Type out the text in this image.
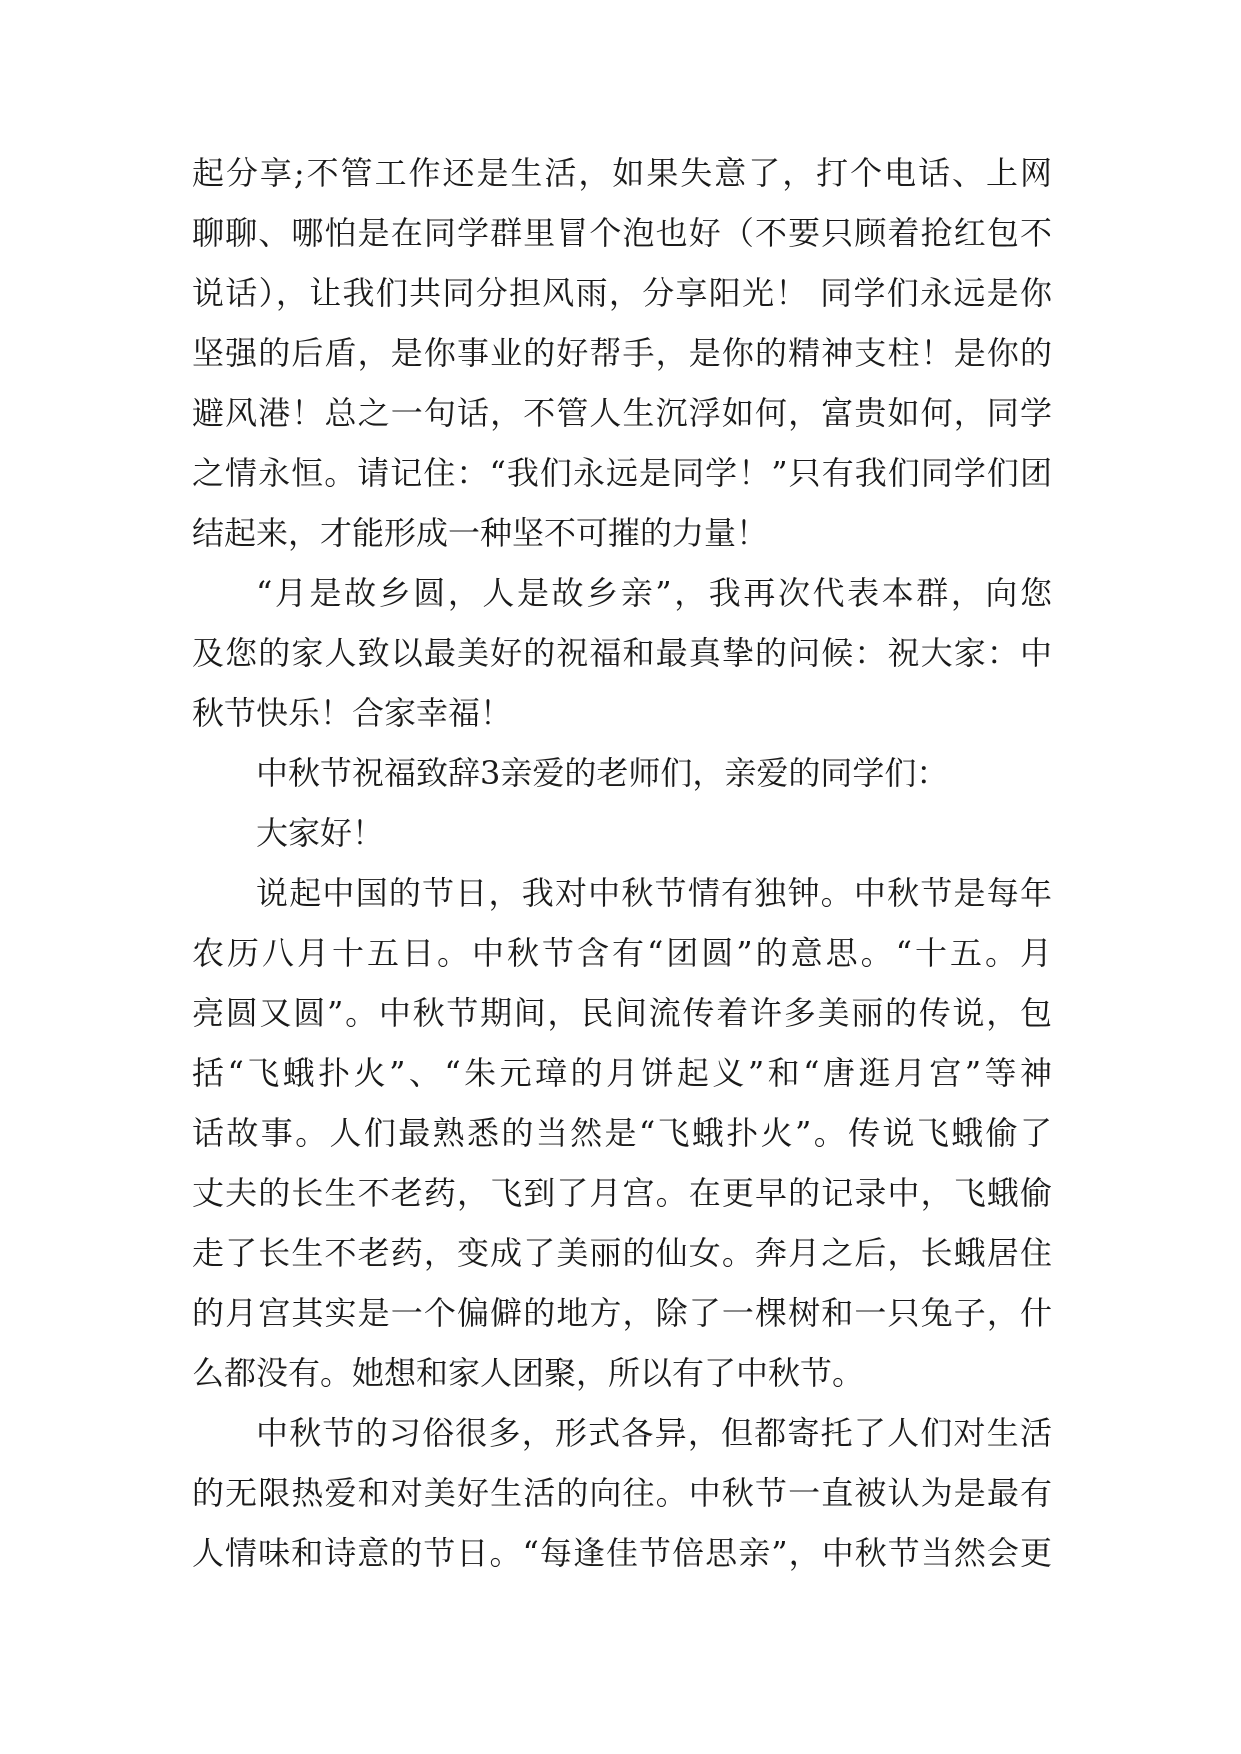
起分享;不管工作还是生活，如果失意了，打个电话、上网
聊聊、哪怕是在同学群里冒个泡也好（不要只顾着抢红包不
说话），让我们共同分担风雨，分享阳光！ 同学们永远是你
坚强的后盾，是你事业的好帮手，是你的精神支柱！是你的
避风港！总之一句话，不管人生沉浮如何，富贵如何，同学
之情永恒。请记住：“我们永远是同学！”只有我们同学们团
结起来，才能形成一种坚不可摧的力量！
“月是故乡圆，人是故乡亲”，我再次代表本群，向您
及您的家人致以最美好的祝福和最真挚的问候：祝大家：中
秋节快乐！合家幸福！
中秋节祝福致辞3亲爱的老师们，亲爱的同学们：
大家好！
说起中国的节日，我对中秋节情有独钟。中秋节是每年
农历八月十五日。中秋节含有“团圆”的意思。“十五。月
亮圆又圆”。中秋节期间，民间流传着许多美丽的传说，包
括“飞蛾扑火”、“朱元璋的月饼起义”和“唐逛月宫”等神
话故事。人们最熟悉的当然是“飞蛾扑火”。传说飞蛾偷了
丈夫的长生不老药，飞到了月宫。在更早的记录中，飞蛾偷
走了长生不老药，变成了美丽的仙女。奔月之后，长蛾居住
的月宫其实是一个偏僻的地方，除了一棵树和一只兔子，什
么都没有。她想和家人团聚，所以有了中秋节。
中秋节的习俗很多，形式各异，但都寄托了人们对生活
的无限热爱和对美好生活的向往。中秋节一直被认为是最有
人情味和诗意的节日。“每逢佳节倍思亲”，中秋节当然会更
